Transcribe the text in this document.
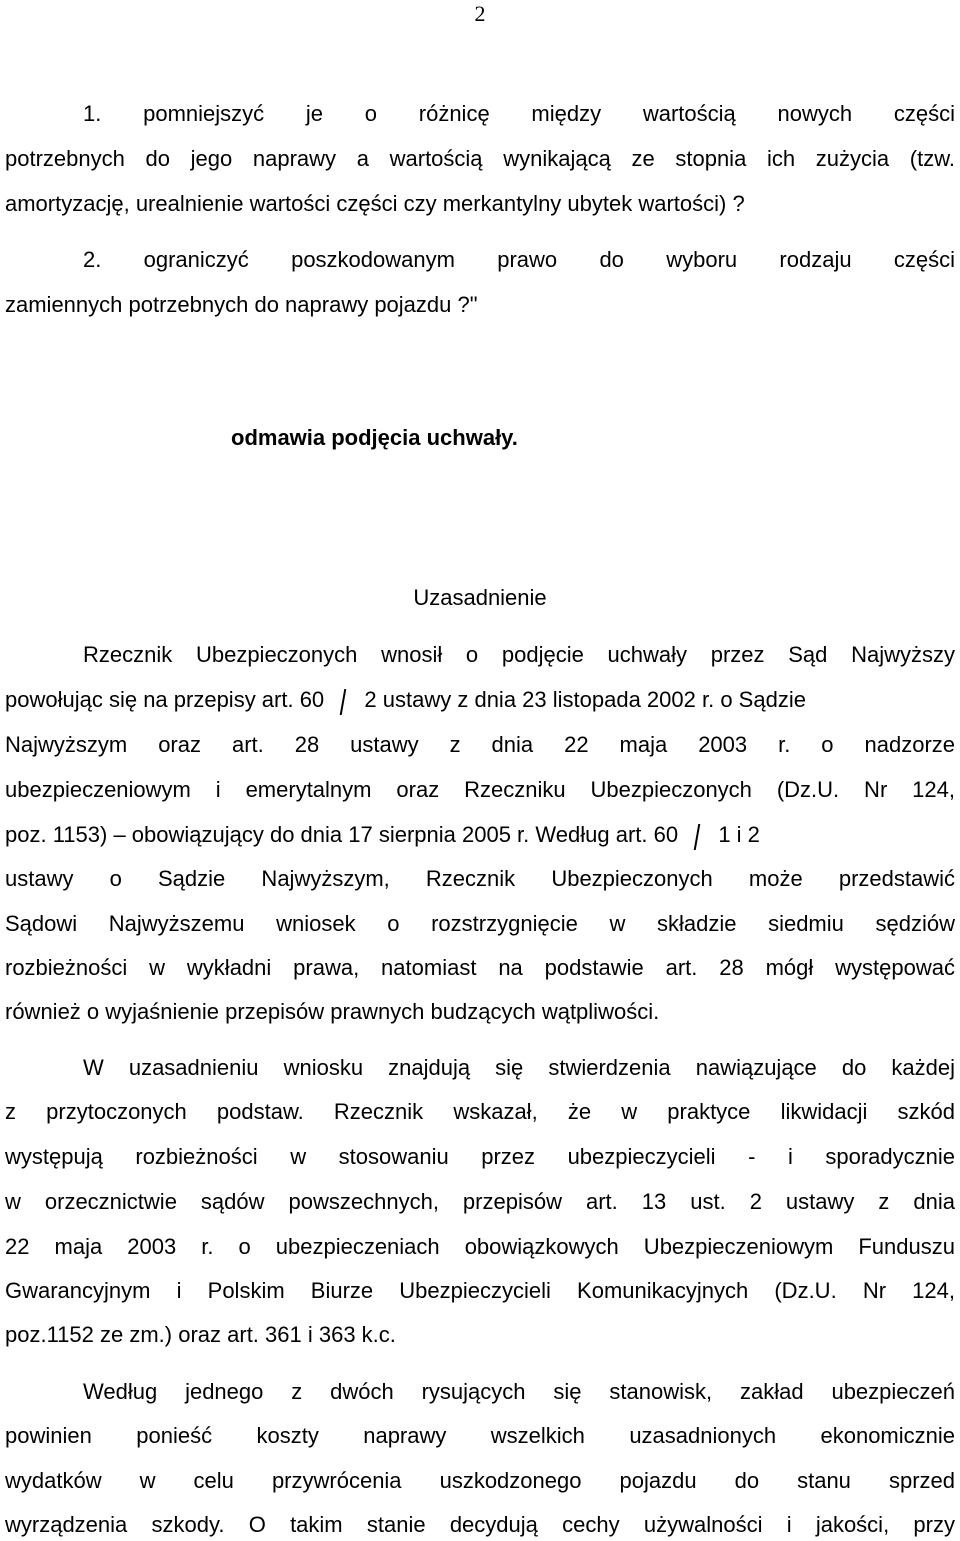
2
1. pomniejszyć je o różnicę między wartością nowych części
potrzebnych do jego naprawy a wartością wynikającą ze stopnia ich zużycia (tzw.
amortyzację, urealnienie wartości części czy merkantylny ubytek wartości) ?
2. ograniczyć poszkodowanym prawo do wyboru rodzaju części
zamiennych potrzebnych do naprawy pojazdu ?"
odmawia podjęcia uchwały.
Uzasadnienie
Rzecznik Ubezpieczonych wnosił o podjęcie uchwały przez Sąd Najwyższy
powołując się na przepisy art. 60 2 ustawy z dnia 23 listopada 2002 r. o Sądzie
Najwyższym oraz art. 28 ustawy z dnia 22 maja 2003 r. o nadzorze
ubezpieczeniowym i emerytalnym oraz Rzeczniku Ubezpieczonych (Dz.U. Nr 124,
poz. 1153) – obowiązujący do dnia 17 sierpnia 2005 r. Według art. 60 1 i 2
ustawy o Sądzie Najwyższym, Rzecznik Ubezpieczonych może przedstawić
Sądowi Najwyższemu wniosek o rozstrzygnięcie w składzie siedmiu sędziów
rozbieżności w wykładni prawa, natomiast na podstawie art. 28 mógł występować
również o wyjaśnienie przepisów prawnych budzących wątpliwości.
W uzasadnieniu wniosku znajdują się stwierdzenia nawiązujące do każdej
z przytoczonych podstaw. Rzecznik wskazał, że w praktyce likwidacji szkód
występują rozbieżności w stosowaniu przez ubezpieczycieli - i sporadycznie
w orzecznictwie sądów powszechnych, przepisów art. 13 ust. 2 ustawy z dnia
22 maja 2003 r. o ubezpieczeniach obowiązkowych Ubezpieczeniowym Funduszu
Gwarancyjnym i Polskim Biurze Ubezpieczycieli Komunikacyjnych (Dz.U. Nr 124,
poz.1152 ze zm.) oraz art. 361 i 363 k.c.
Według jednego z dwóch rysujących się stanowisk, zakład ubezpieczeń
powinien ponieść koszty naprawy wszelkich uzasadnionych ekonomicznie
wydatków w celu przywrócenia uszkodzonego pojazdu do stanu sprzed
wyrządzenia szkody. O takim stanie decydują cechy używalności i jakości, przy
